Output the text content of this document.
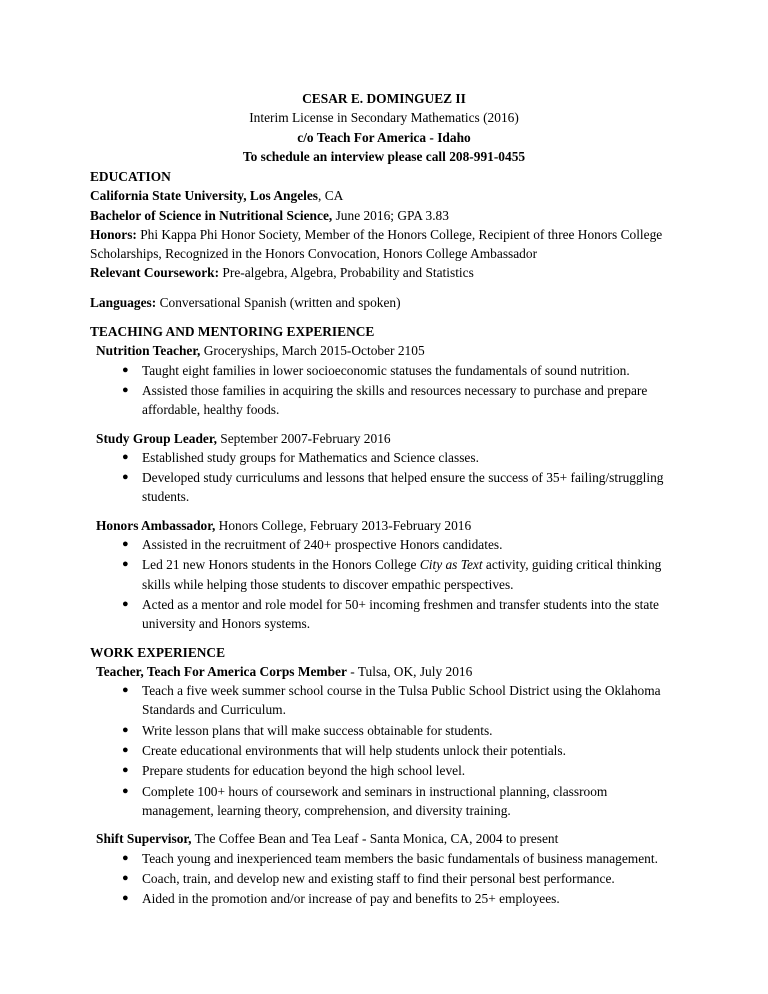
CESAR E. DOMINGUEZ II
Interim License in Secondary Mathematics (2016)
c/o Teach For America - Idaho
To schedule an interview please call 208-991-0455
EDUCATION
California State University, Los Angeles, CA
Bachelor of Science in Nutritional Science, June 2016; GPA 3.83
Honors: Phi Kappa Phi Honor Society, Member of the Honors College, Recipient of three Honors College Scholarships, Recognized in the Honors Convocation, Honors College Ambassador
Relevant Coursework: Pre-algebra, Algebra, Probability and Statistics
Languages: Conversational Spanish (written and spoken)
TEACHING AND MENTORING EXPERIENCE
Nutrition Teacher, Groceryships, March 2015-October 2105
● Taught eight families in lower socioeconomic statuses the fundamentals of sound nutrition.
● Assisted those families in acquiring the skills and resources necessary to purchase and prepare affordable, healthy foods.
Study Group Leader, September 2007-February 2016
● Established study groups for Mathematics and Science classes.
● Developed study curriculums and lessons that helped ensure the success of 35+ failing/struggling students.
Honors Ambassador, Honors College, February 2013-February 2016
● Assisted in the recruitment of 240+ prospective Honors candidates.
● Led 21 new Honors students in the Honors College City as Text activity, guiding critical thinking skills while helping those students to discover empathic perspectives.
● Acted as a mentor and role model for 50+ incoming freshmen and transfer students into the state university and Honors systems.
WORK EXPERIENCE
Teacher, Teach For America Corps Member - Tulsa, OK, July 2016
● Teach a five week summer school course in the Tulsa Public School District using the Oklahoma Standards and Curriculum.
● Write lesson plans that will make success obtainable for students.
● Create educational environments that will help students unlock their potentials.
● Prepare students for education beyond the high school level.
● Complete 100+ hours of coursework and seminars in instructional planning, classroom management, learning theory, comprehension, and diversity training.
Shift Supervisor, The Coffee Bean and Tea Leaf - Santa Monica, CA, 2004 to present
● Teach young and inexperienced team members the basic fundamentals of business management.
● Coach, train, and develop new and existing staff to find their personal best performance.
● Aided in the promotion and/or increase of pay and benefits to 25+ employees.
